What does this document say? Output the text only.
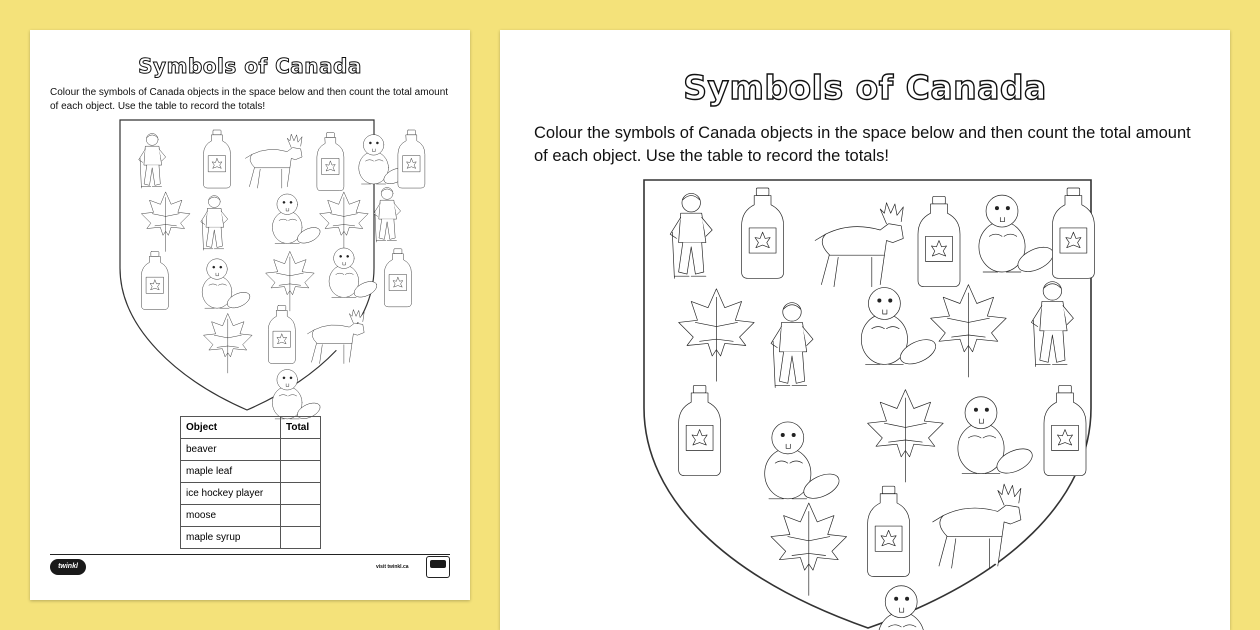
Symbols of Canada
Colour the symbols of Canada objects in the space below and then count the total amount of each object. Use the table to record the totals!
Object	Total
beaver	
maple leaf	
ice hockey player	
moose	
maple syrup	
twinkl	visit twinkl.ca
Symbols of Canada
Colour the symbols of Canada objects in the space below and then count the total amount of each object. Use the table to record the totals!
